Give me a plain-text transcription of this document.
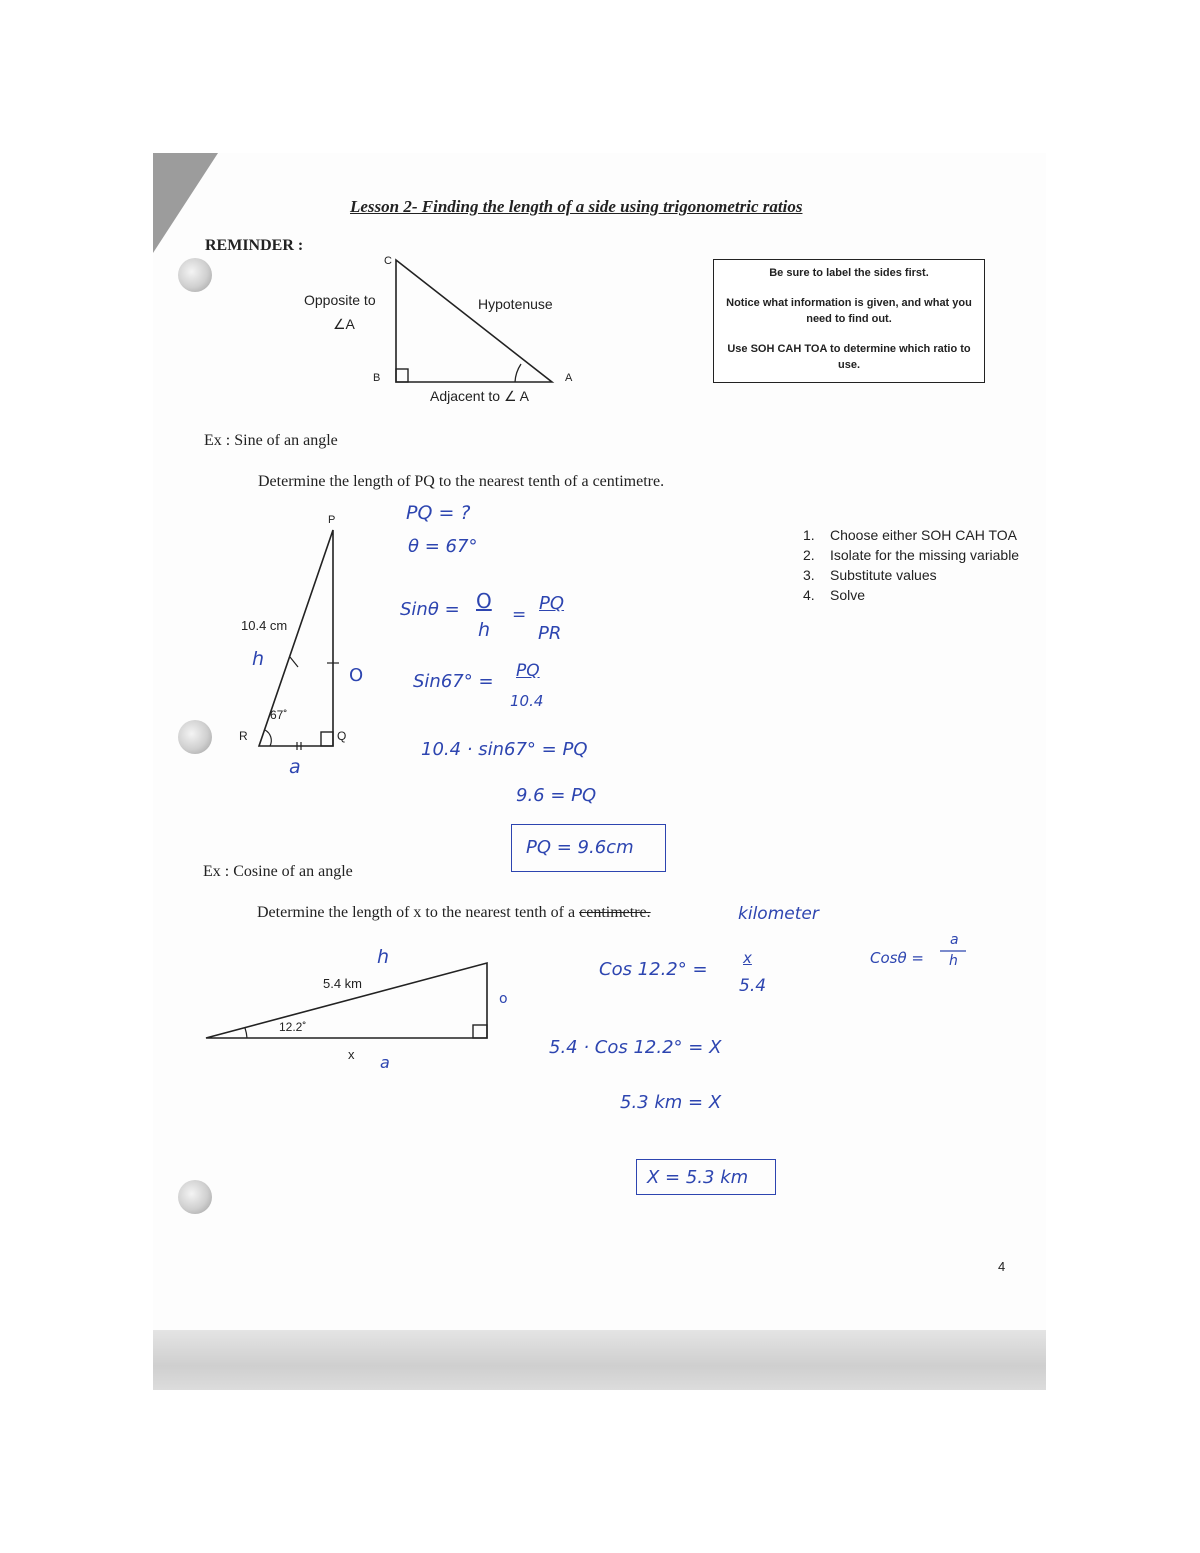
Lesson 2- Finding the length of a side using trigonometric ratios
REMINDER :
C
B	A
Opposite to
∠A
Hypotenuse
Adjacent to ∠ A

Be sure to label the sides first.

Notice what information is given, and what you need to find out.

Use SOH CAH TOA to determine which ratio to use.

Ex : Sine of an angle
Determine the length of PQ to the nearest tenth of a centimetre.
P
R	Q
10.4 cm
67˚
h
O
a
PQ = ?
θ = 67°
Sinθ = O
h
=
PQ
PR
Sin67° = PQ
10.4
10.4 · sin67° = PQ
9.6 = PQ
PQ = 9.6cm
1. Choose either SOH CAH TOA
2. Isolate for the missing variable
3. Substitute values
4. Solve
Ex : Cosine of an angle
Determine the length of x to the nearest tenth of a centimetre.	kilometer
5.4 km
12.2˚
x
h
o
a
Cos 12.2° =
x
5.4
5.4 · Cos 12.2° = X
5.3 km = X
X = 5.3 km
Cosθ =
a
h
4
